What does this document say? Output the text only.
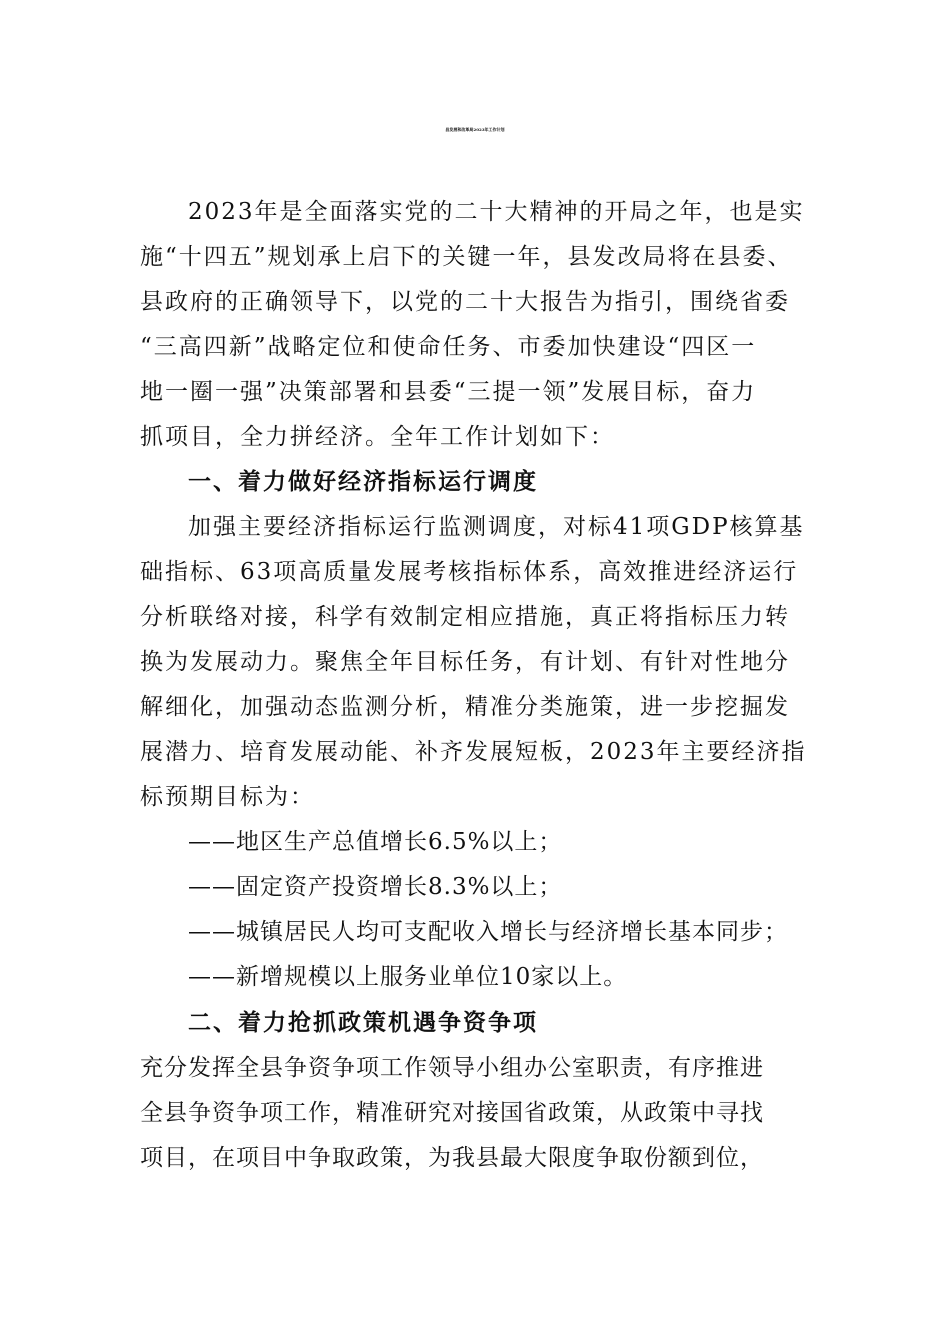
县发展和改革局2023年工作计划
2023年是全面落实党的二十大精神的开局之年，也是实
施“十四五”规划承上启下的关键一年，县发改局将在县委、
县政府的正确领导下，以党的二十大报告为指引，围绕省委
“三高四新”战略定位和使命任务、市委加快建设“四区一
地一圈一强”决策部署和县委“三提一领”发展目标，奋力
抓项目，全力拼经济。全年工作计划如下：
一、着力做好经济指标运行调度
加强主要经济指标运行监测调度，对标41项GDP核算基
础指标、63项高质量发展考核指标体系，高效推进经济运行
分析联络对接，科学有效制定相应措施，真正将指标压力转
换为发展动力。聚焦全年目标任务，有计划、有针对性地分
解细化，加强动态监测分析，精准分类施策，进一步挖掘发
展潜力、培育发展动能、补齐发展短板，2023年主要经济指
标预期目标为：
——地区生产总值增长6.5%以上；
——固定资产投资增长8.3%以上；
——城镇居民人均可支配收入增长与经济增长基本同步；
——新增规模以上服务业单位10家以上。
二、着力抢抓政策机遇争资争项
充分发挥全县争资争项工作领导小组办公室职责，有序推进
全县争资争项工作，精准研究对接国省政策，从政策中寻找
项目，在项目中争取政策，为我县最大限度争取份额到位，
